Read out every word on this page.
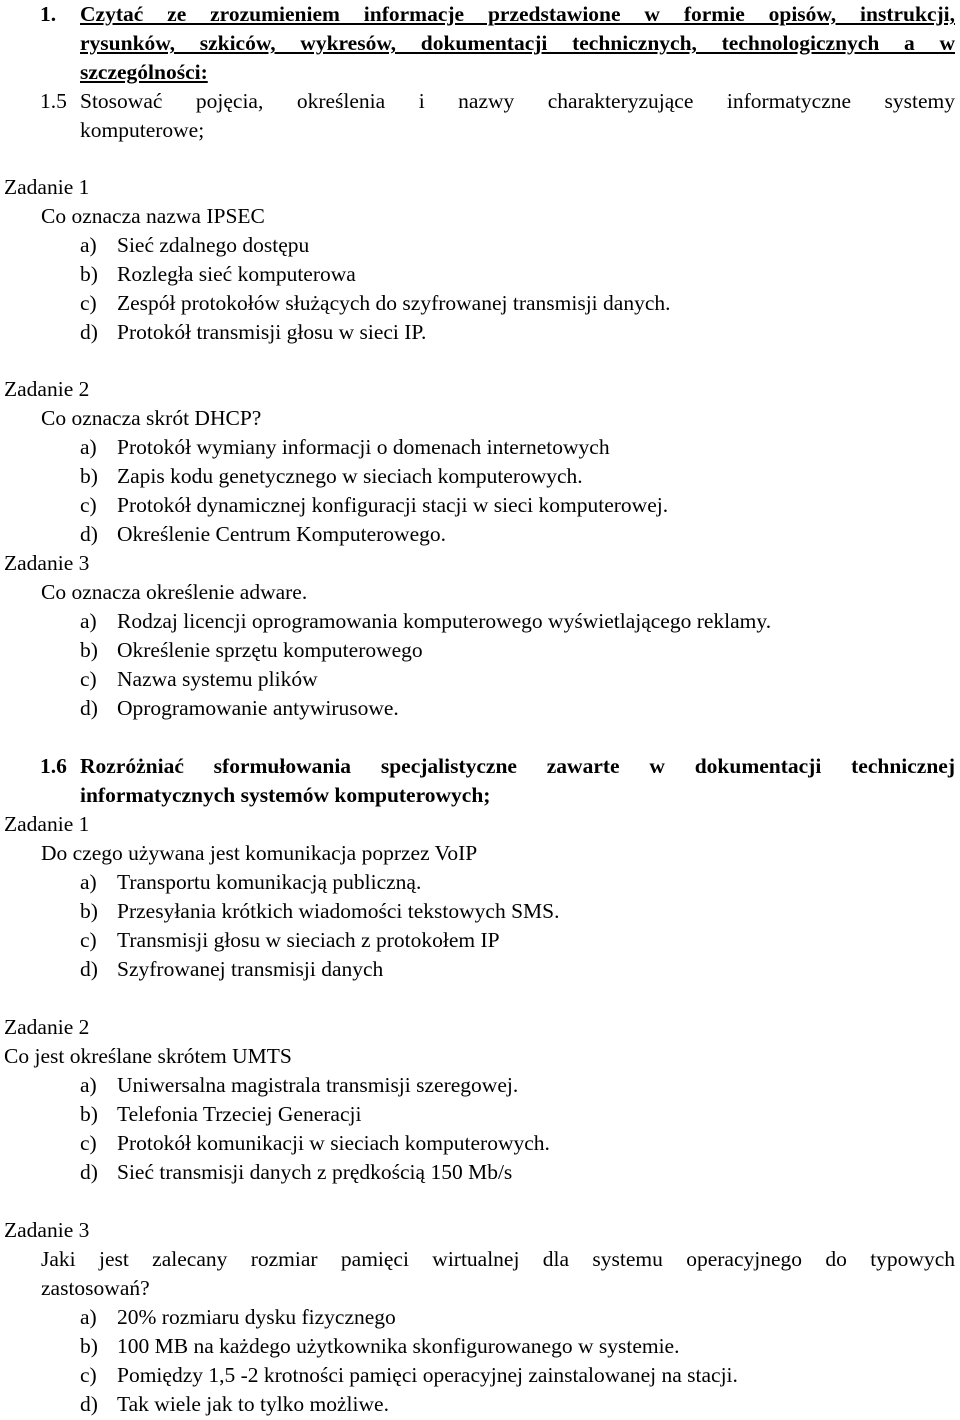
1. Czytać ze zrozumieniem informacje przedstawione w formie opisów, instrukcji,
rysunków, szkiców, wykresów, dokumentacji technicznych, technologicznych a w
szczególności:
1.5 Stosować pojęcia, określenia i nazwy charakteryzujące informatyczne systemy
komputerowe;
Zadanie 1
Co oznacza nazwa IPSEC
a) Sieć zdalnego dostępu
b) Rozległa sieć komputerowa
c) Zespół protokołów służących do szyfrowanej transmisji danych.
d) Protokół transmisji głosu w sieci IP.
Zadanie 2
Co oznacza skrót DHCP?
a) Protokół wymiany informacji o domenach internetowych
b) Zapis kodu genetycznego w sieciach komputerowych.
c) Protokół dynamicznej konfiguracji stacji w sieci komputerowej.
d) Określenie Centrum Komputerowego.
Zadanie 3
Co oznacza określenie adware.
a) Rodzaj licencji oprogramowania komputerowego wyświetlającego reklamy.
b) Określenie sprzętu komputerowego
c) Nazwa systemu plików
d) Oprogramowanie antywirusowe.
1.6 Rozróżniać sformułowania specjalistyczne zawarte w dokumentacji technicznej
informatycznych systemów komputerowych;
Zadanie 1
Do czego używana jest komunikacja poprzez VoIP
a) Transportu komunikacją publiczną.
b) Przesyłania krótkich wiadomości tekstowych SMS.
c) Transmisji głosu w sieciach z protokołem IP
d) Szyfrowanej transmisji danych
Zadanie 2
Co jest określane skrótem UMTS
a) Uniwersalna magistrala transmisji szeregowej.
b) Telefonia Trzeciej Generacji
c) Protokół komunikacji w sieciach komputerowych.
d) Sieć transmisji danych z prędkością 150 Mb/s
Zadanie 3
Jaki jest zalecany rozmiar pamięci wirtualnej dla systemu operacyjnego do typowych
zastosowań?
a) 20% rozmiaru dysku fizycznego
b) 100 MB na każdego użytkownika skonfigurowanego w systemie.
c) Pomiędzy 1,5 -2 krotności pamięci operacyjnej zainstalowanej na stacji.
d) Tak wiele jak to tylko możliwe.
